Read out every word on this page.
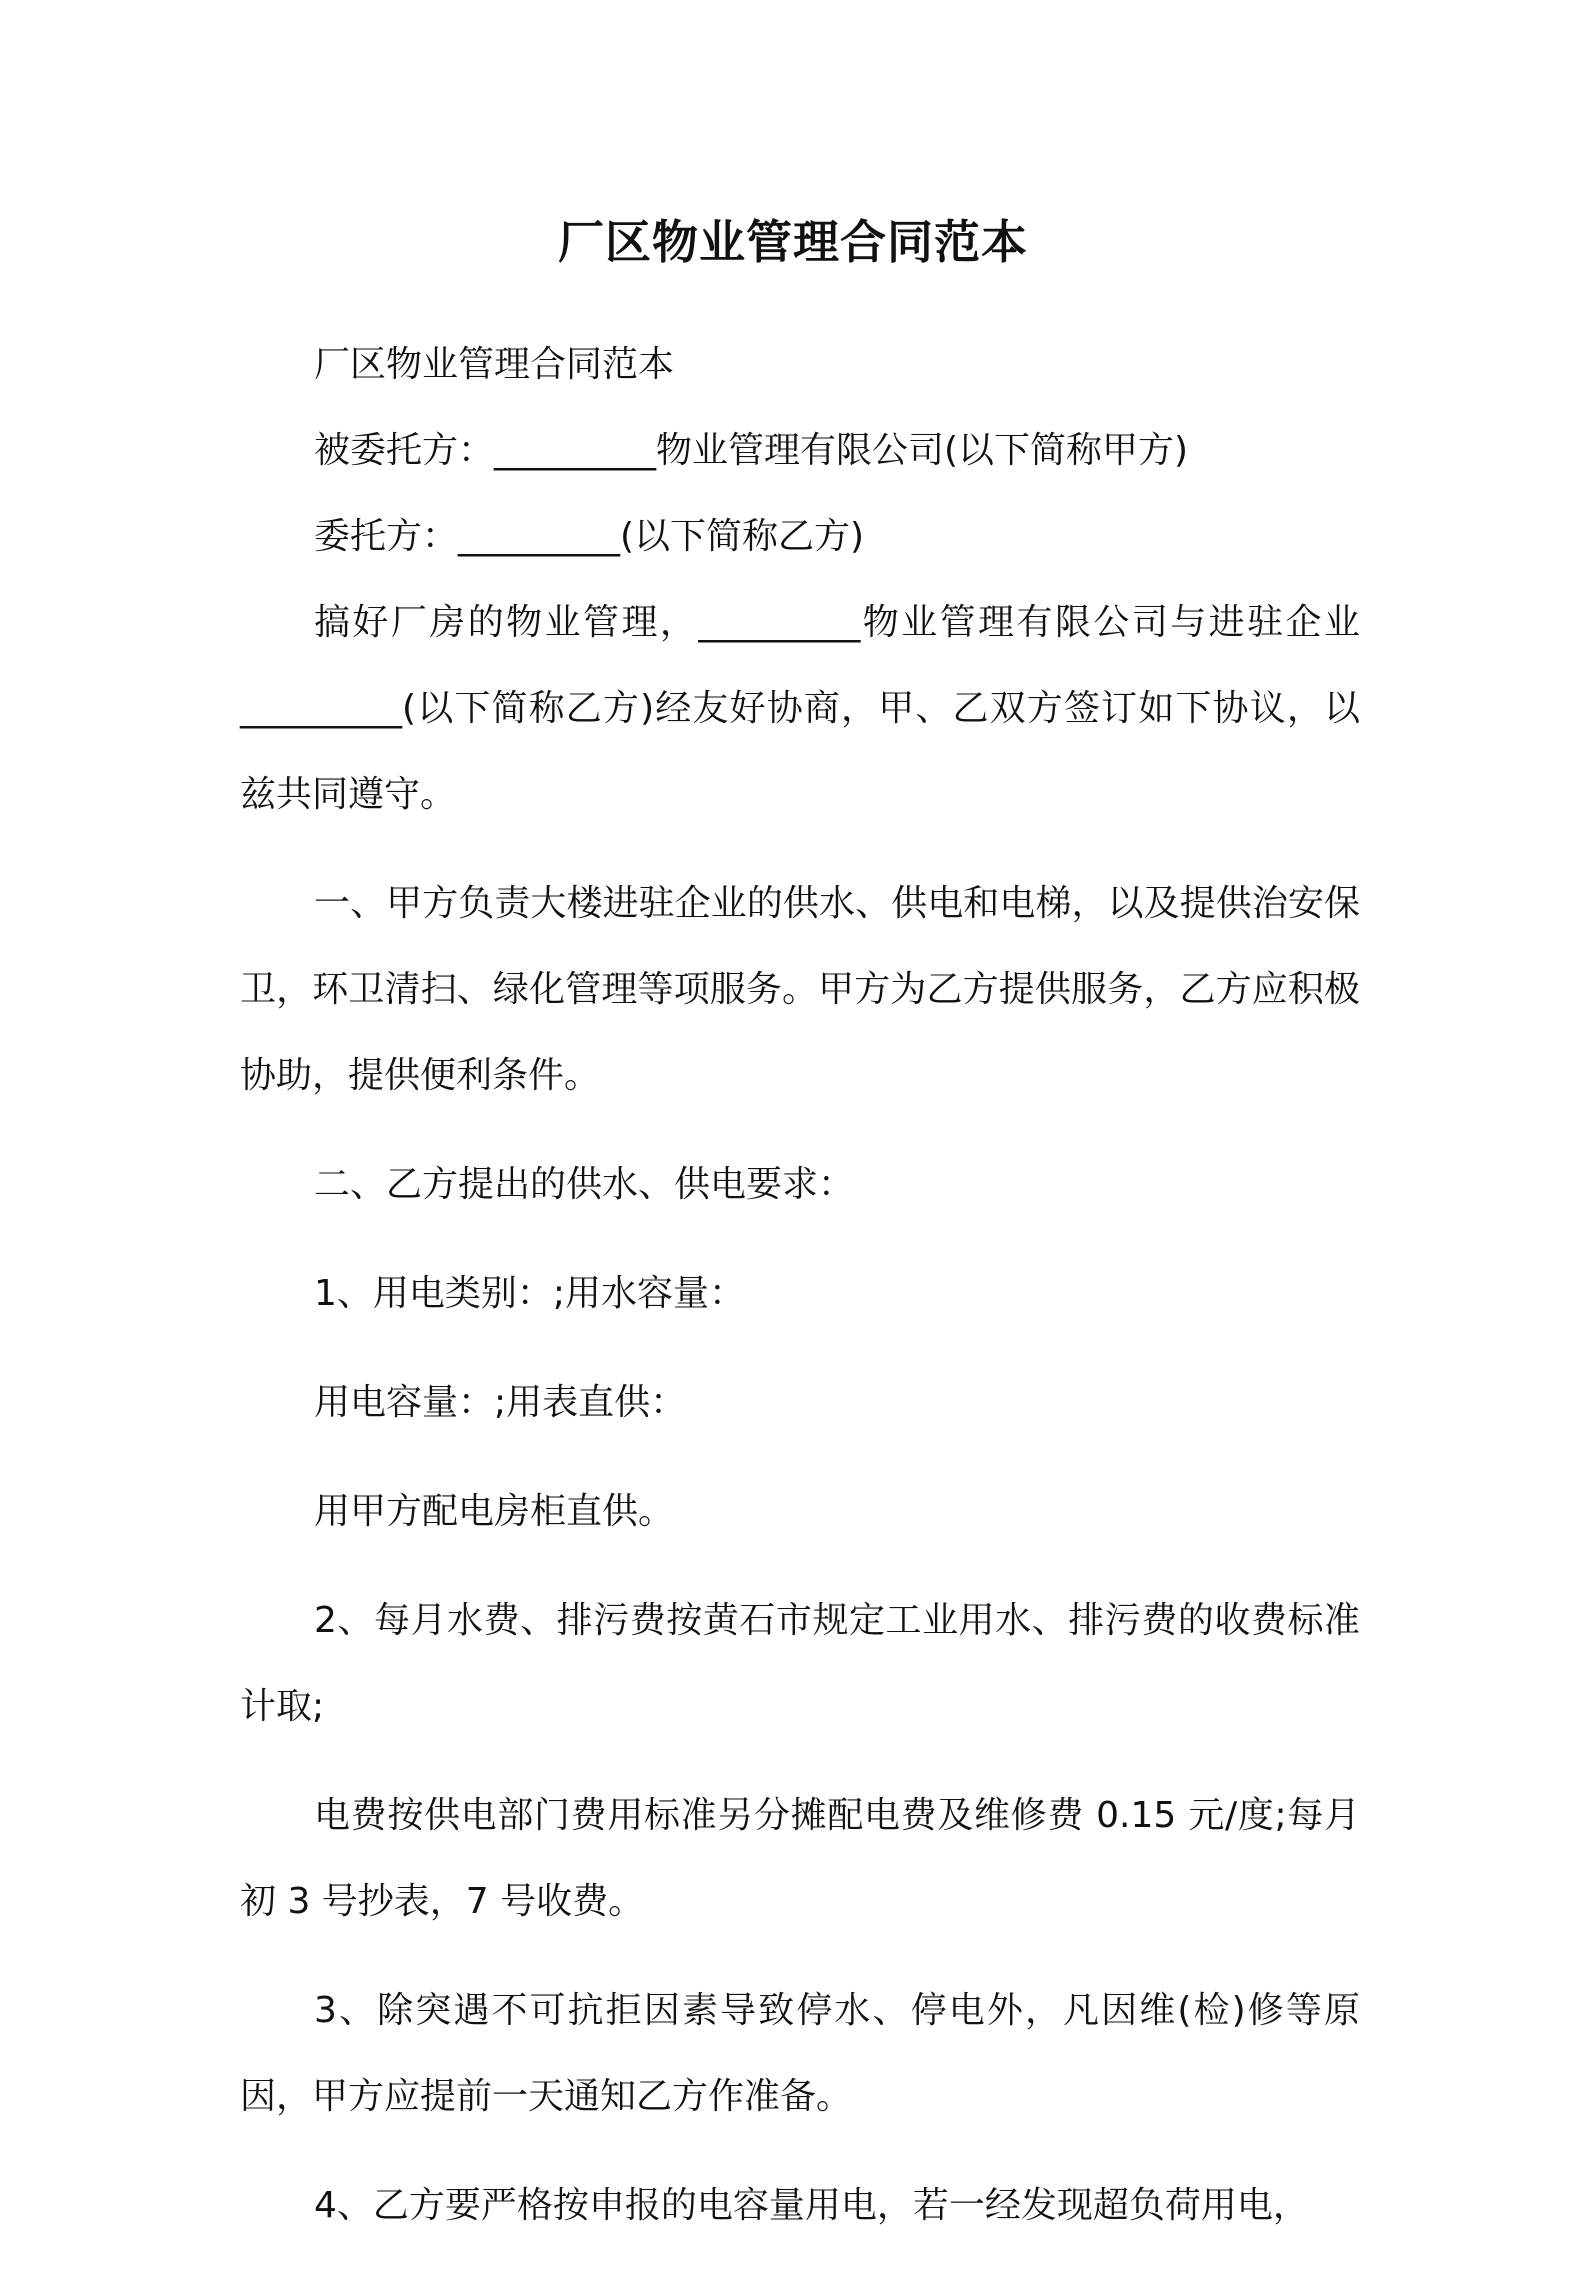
厂区物业管理合同范本

厂区物业管理合同范本

被委托方：_________物业管理有限公司(以下简称甲方)

委托方：_________(以下简称乙方)

搞好厂房的物业管理，_________物业管理有限公司与进驻企业_________(以下简称乙方)经友好协商，甲、乙双方签订如下协议，以兹共同遵守。

一、甲方负责大楼进驻企业的供水、供电和电梯，以及提供治安保卫，环卫清扫、绿化管理等项服务。甲方为乙方提供服务，乙方应积极协助，提供便利条件。

二、乙方提出的供水、供电要求：

1、用电类别：;用水容量：

用电容量：;用表直供：

用甲方配电房柜直供。

2、每月水费、排污费按黄石市规定工业用水、排污费的收费标准计取;

电费按供电部门费用标准另分摊配电费及维修费 0.15 元/度;每月初 3 号抄表，7 号收费。

3、除突遇不可抗拒因素导致停水、停电外，凡因维(检)修等原因，甲方应提前一天通知乙方作准备。

4、乙方要严格按申报的电容量用电，若一经发现超负荷用电，
